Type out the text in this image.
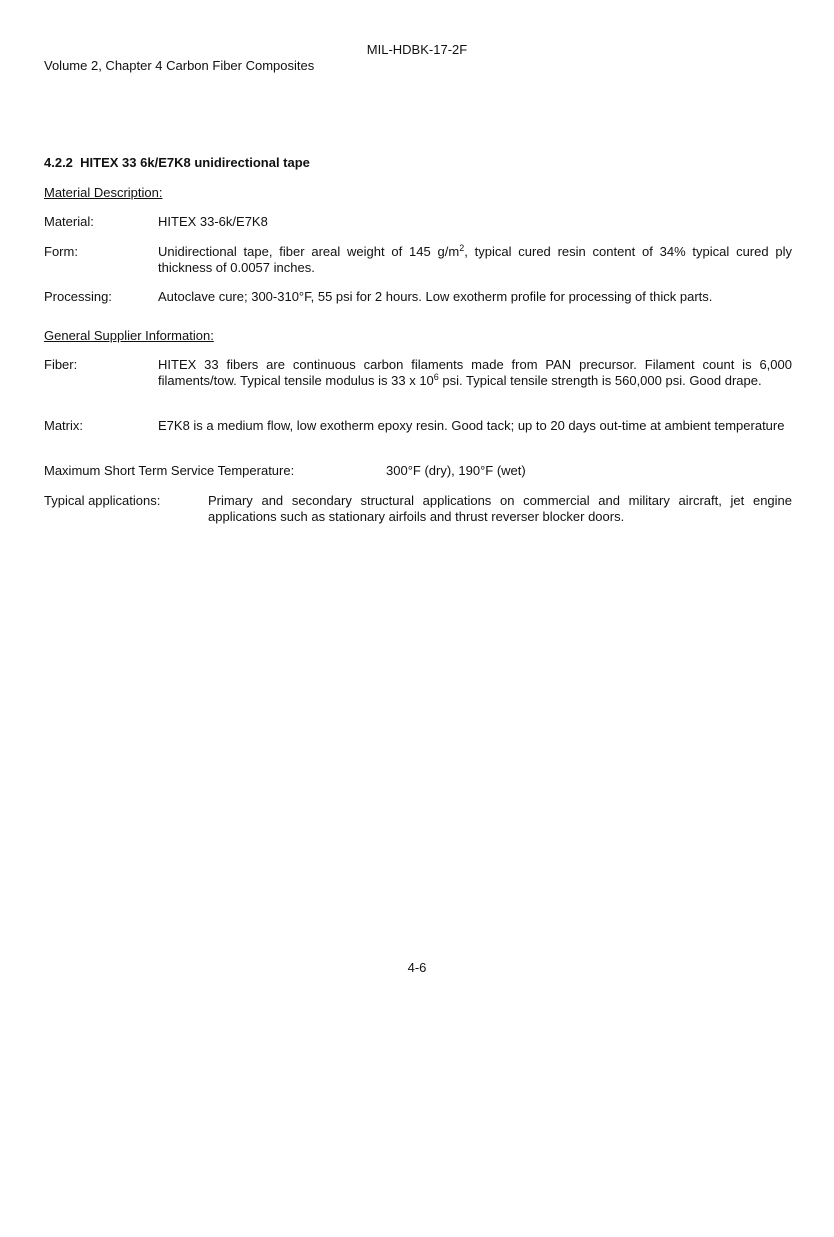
MIL-HDBK-17-2F
Volume 2, Chapter 4 Carbon Fiber Composites
4.2.2 HITEX 33 6k/E7K8 unidirectional tape
Material Description:
Material:	HITEX 33-6k/E7K8
Form:	Unidirectional tape, fiber areal weight of 145 $g/m^2$, typical cured resin content of 34% typical cured ply thickness of 0.0057 inches.
Processing:	Autoclave cure; 300-310°F, 55 psi for 2 hours. Low exotherm profile for processing of thick parts.
General Supplier Information:
Fiber:	HITEX 33 fibers are continuous carbon filaments made from PAN precursor. Filament count is 6,000 filaments/tow. Typical tensile modulus is 33 x $10^6$ psi. Typical tensile strength is 560,000 psi. Good drape.
Matrix:	E7K8 is a medium flow, low exotherm epoxy resin. Good tack; up to 20 days out-time at ambient temperature
Maximum Short Term Service Temperature:	300°F (dry), 190°F (wet)
Typical applications:	Primary and secondary structural applications on commercial and military aircraft, jet engine applications such as stationary airfoils and thrust reverser blocker doors.
4-6
